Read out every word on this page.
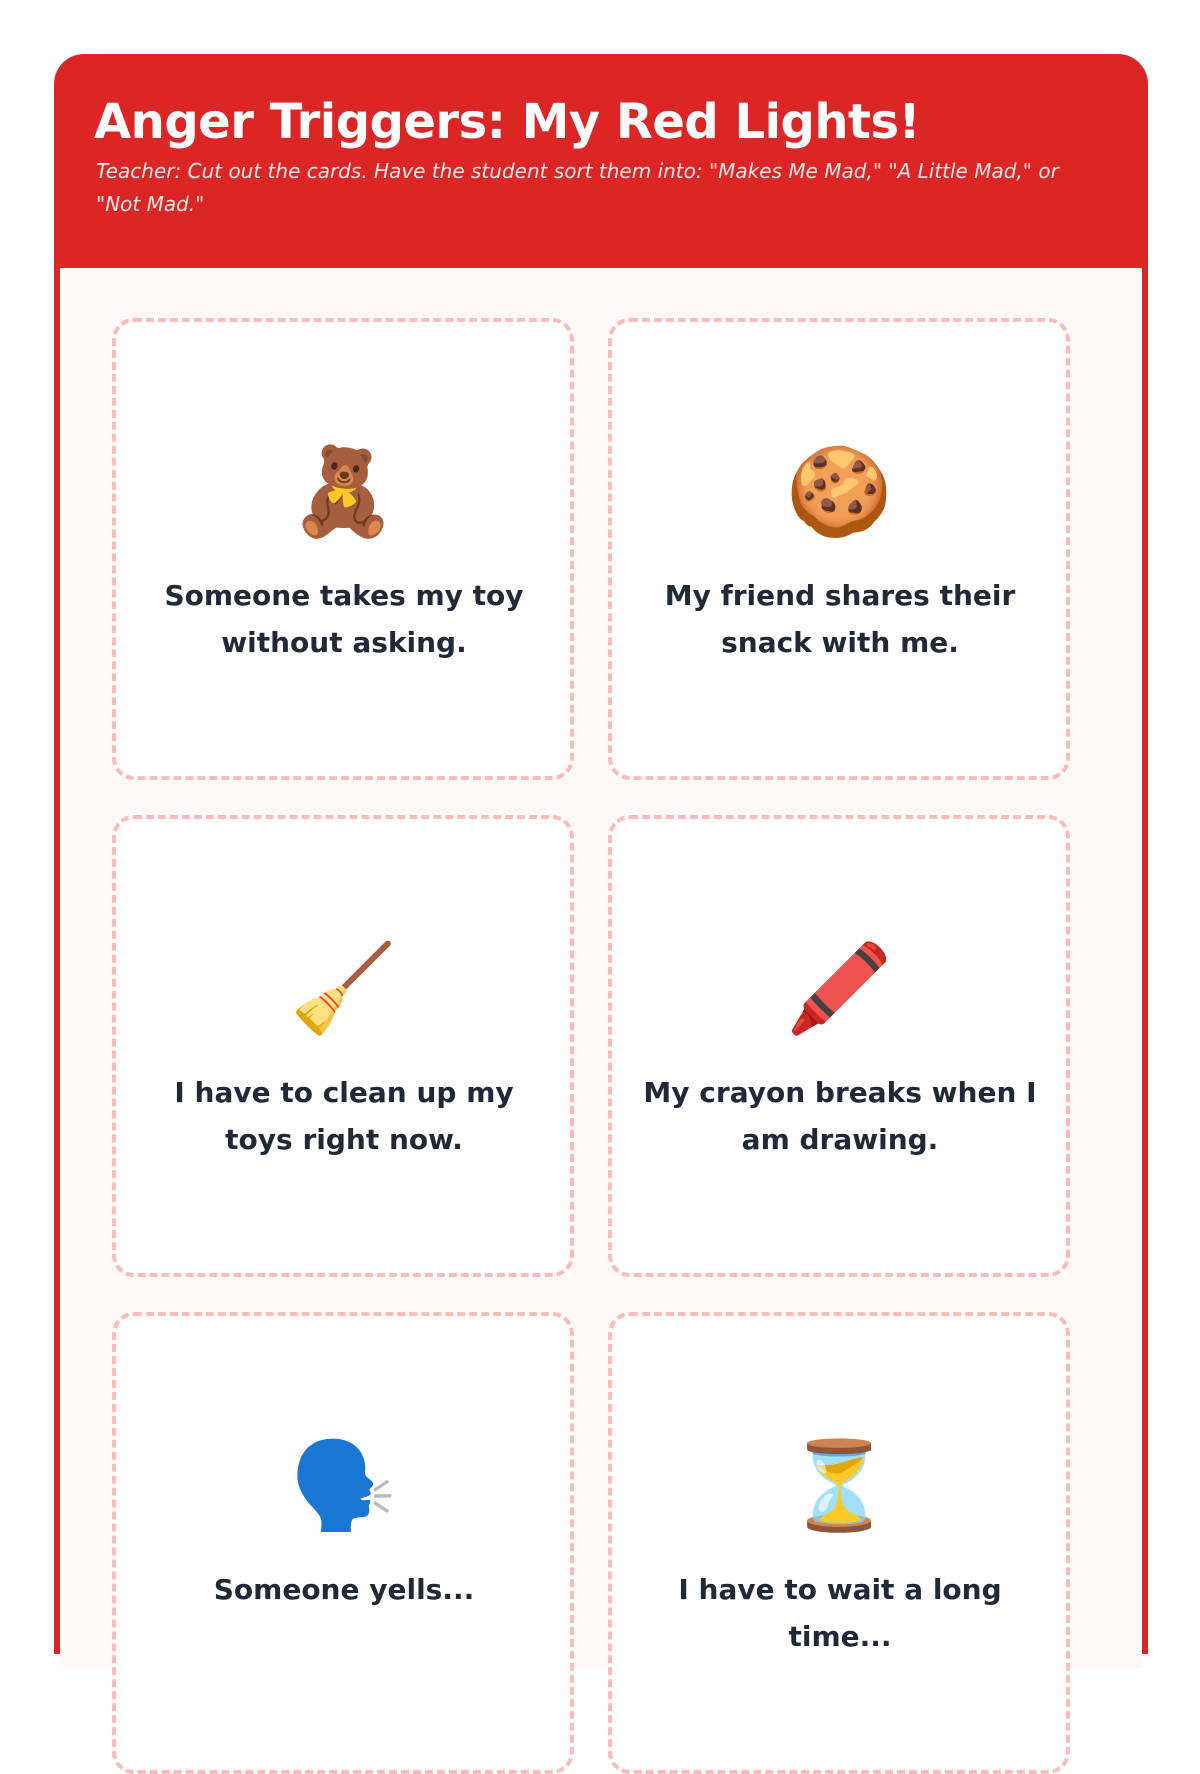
Anger Triggers: My Red Lights!
Teacher: Cut out the cards. Have the student sort them into: "Makes Me Mad," "A Little Mad," or "Not Mad."
🧸
Someone takes my toy without asking.
🍪
My friend shares their snack with me.
🧹
I have to clean up my toys right now.
🖍️
My crayon breaks when I am drawing.
🗣️
Someone yells...
⏳
I have to wait a long time...
